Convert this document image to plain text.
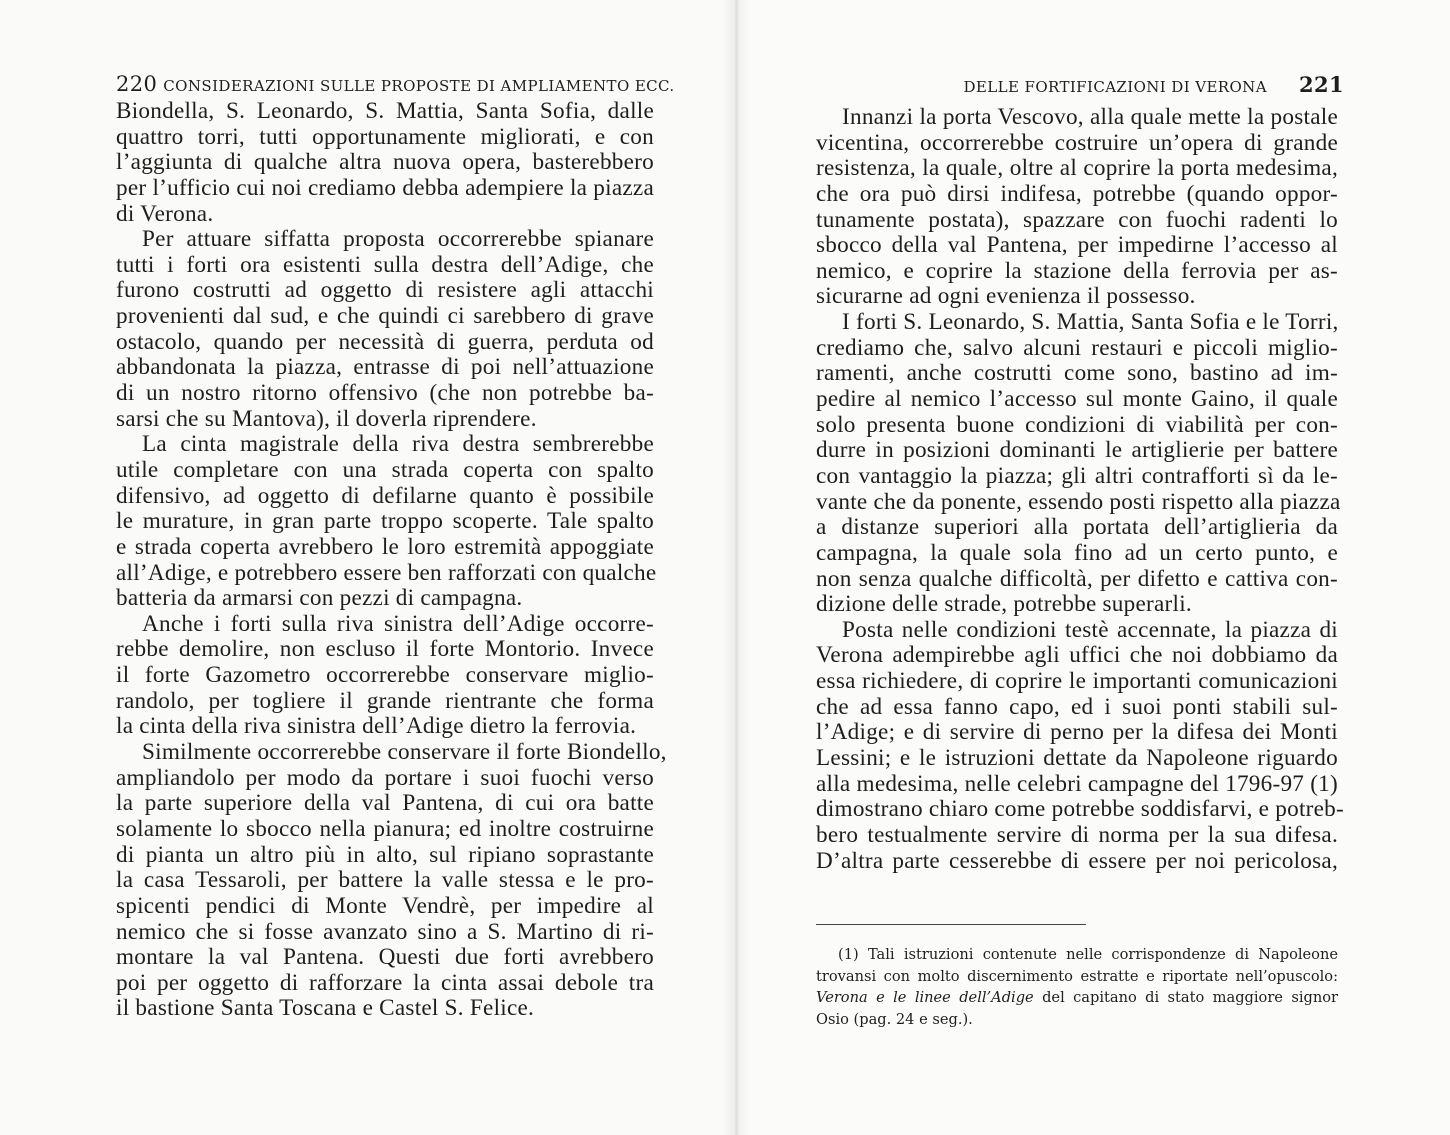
220 CONSIDERAZIONI SULLE PROPOSTE DI AMPLIAMENTO ECC.
Biondella, S. Leonardo, S. Mattia, Santa Sofia, dalle
quattro torri, tutti opportunamente migliorati, e con
l’aggiunta di qualche altra nuova opera, basterebbero
per l’ufficio cui noi crediamo debba adempiere la piazza
di Verona.
Per attuare siffatta proposta occorrerebbe spianare
tutti i forti ora esistenti sulla destra dell’Adige, che
furono costrutti ad oggetto di resistere agli attacchi
provenienti dal sud, e che quindi ci sarebbero di grave
ostacolo, quando per necessità di guerra, perduta od
abbandonata la piazza, entrasse di poi nell’attuazione
di un nostro ritorno offensivo (che non potrebbe ba-
sarsi che su Mantova), il doverla riprendere.
La cinta magistrale della riva destra sembrerebbe
utile completare con una strada coperta con spalto
difensivo, ad oggetto di defilarne quanto è possibile
le murature, in gran parte troppo scoperte. Tale spalto
e strada coperta avrebbero le loro estremità appoggiate
all’Adige, e potrebbero essere ben rafforzati con qualche
batteria da armarsi con pezzi di campagna.
Anche i forti sulla riva sinistra dell’Adige occorre-
rebbe demolire, non escluso il forte Montorio. Invece
il forte Gazometro occorrerebbe conservare miglio-
randolo, per togliere il grande rientrante che forma
la cinta della riva sinistra dell’Adige dietro la ferrovia.
Similmente occorrerebbe conservare il forte Biondello,
ampliandolo per modo da portare i suoi fuochi verso
la parte superiore della val Pantena, di cui ora batte
solamente lo sbocco nella pianura; ed inoltre costruirne
di pianta un altro più in alto, sul ripiano soprastante
la casa Tessaroli, per battere la valle stessa e le pro-
spicenti pendici di Monte Vendrè, per impedire al
nemico che si fosse avanzato sino a S. Martino di ri-
montare la val Pantena. Questi due forti avrebbero
poi per oggetto di rafforzare la cinta assai debole tra
il bastione Santa Toscana e Castel S. Felice.
DELLE FORTIFICAZIONI DI VERONA 221
Innanzi la porta Vescovo, alla quale mette la postale
vicentina, occorrerebbe costruire un’opera di grande
resistenza, la quale, oltre al coprire la porta medesima,
che ora può dirsi indifesa, potrebbe (quando oppor-
tunamente postata), spazzare con fuochi radenti lo
sbocco della val Pantena, per impedirne l’accesso al
nemico, e coprire la stazione della ferrovia per as-
sicurarne ad ogni evenienza il possesso.
I forti S. Leonardo, S. Mattia, Santa Sofia e le Torri,
crediamo che, salvo alcuni restauri e piccoli miglio-
ramenti, anche costrutti come sono, bastino ad im-
pedire al nemico l’accesso sul monte Gaino, il quale
solo presenta buone condizioni di viabilità per con-
durre in posizioni dominanti le artiglierie per battere
con vantaggio la piazza; gli altri contrafforti sì da le-
vante che da ponente, essendo posti rispetto alla piazza
a distanze superiori alla portata dell’artiglieria da
campagna, la quale sola fino ad un certo punto, e
non senza qualche difficoltà, per difetto e cattiva con-
dizione delle strade, potrebbe superarli.
Posta nelle condizioni testè accennate, la piazza di
Verona adempirebbe agli uffici che noi dobbiamo da
essa richiedere, di coprire le importanti comunicazioni
che ad essa fanno capo, ed i suoi ponti stabili sul-
l’Adige; e di servire di perno per la difesa dei Monti
Lessini; e le istruzioni dettate da Napoleone riguardo
alla medesima, nelle celebri campagne del 1796-97 (1)
dimostrano chiaro come potrebbe soddisfarvi, e potreb-
bero testualmente servire di norma per la sua difesa.
D’altra parte cesserebbe di essere per noi pericolosa,
(1) Tali istruzioni contenute nelle corrispondenze di Napoleone
trovansi con molto discernimento estratte e riportate nell’opuscolo:
Verona e le linee dell’Adige del capitano di stato maggiore signor
Osio (pag. 24 e seg.).
